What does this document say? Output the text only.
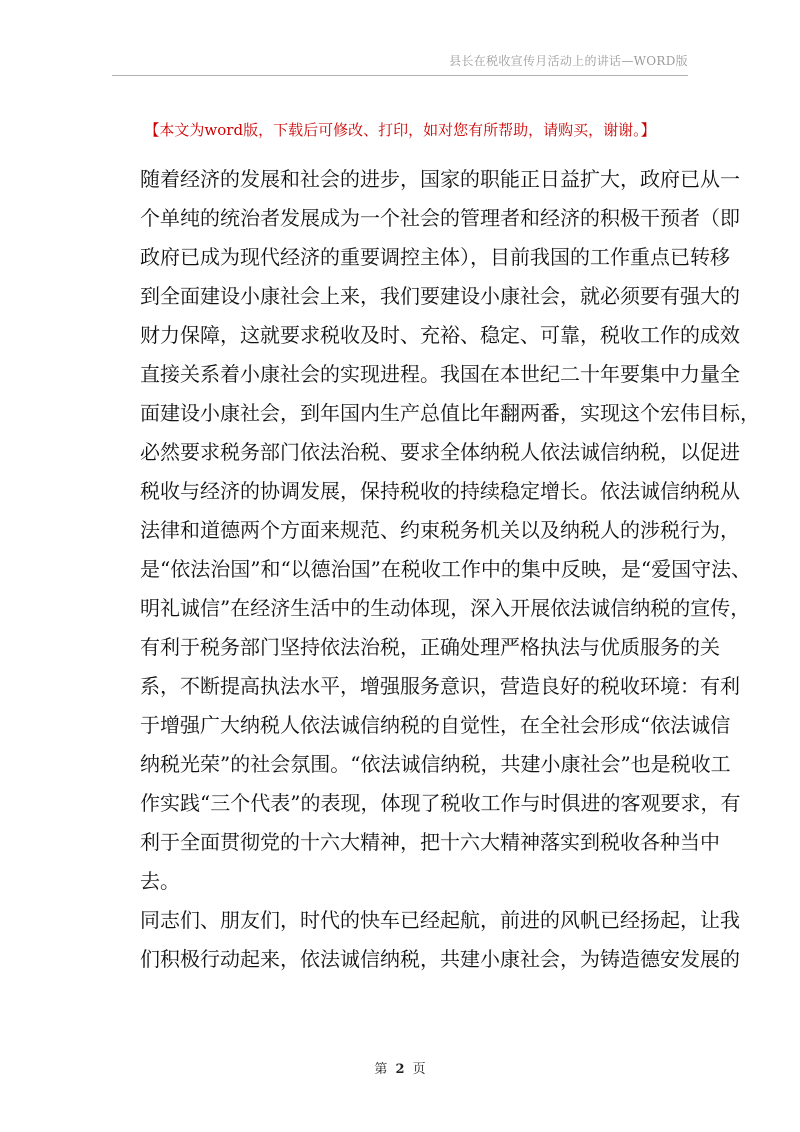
县长在税收宣传月活动上的讲话—WORD版
【本文为word版，下载后可修改、打印，如对您有所帮助，请购买，谢谢。】
随着经济的发展和社会的进步，国家的职能正日益扩大，政府已从一
个单纯的统治者发展成为一个社会的管理者和经济的积极干预者（即
政府已成为现代经济的重要调控主体），目前我国的工作重点已转移
到全面建设小康社会上来，我们要建设小康社会，就必须要有强大的
财力保障，这就要求税收及时、充裕、稳定、可靠，税收工作的成效
直接关系着小康社会的实现进程。我国在本世纪二十年要集中力量全
面建设小康社会，到年国内生产总值比年翻两番，实现这个宏伟目标，
必然要求税务部门依法治税、要求全体纳税人依法诚信纳税，以促进
税收与经济的协调发展，保持税收的持续稳定增长。依法诚信纳税从
法律和道德两个方面来规范、约束税务机关以及纳税人的涉税行为，
是“依法治国”和“以德治国”在税收工作中的集中反映，是“爱国守法、
明礼诚信”在经济生活中的生动体现，深入开展依法诚信纳税的宣传，
有利于税务部门坚持依法治税，正确处理严格执法与优质服务的关
系，不断提高执法水平，增强服务意识，营造良好的税收环境：有利
于增强广大纳税人依法诚信纳税的自觉性，在全社会形成“依法诚信
纳税光荣”的社会氛围。“依法诚信纳税，共建小康社会”也是税收工
作实践“三个代表”的表现，体现了税收工作与时俱进的客观要求，有
利于全面贯彻党的十六大精神，把十六大精神落实到税收各种当中
去。
同志们、朋友们，时代的快车已经起航，前进的风帆已经扬起，让我
们积极行动起来，依法诚信纳税，共建小康社会，为铸造德安发展的
第 2 页
